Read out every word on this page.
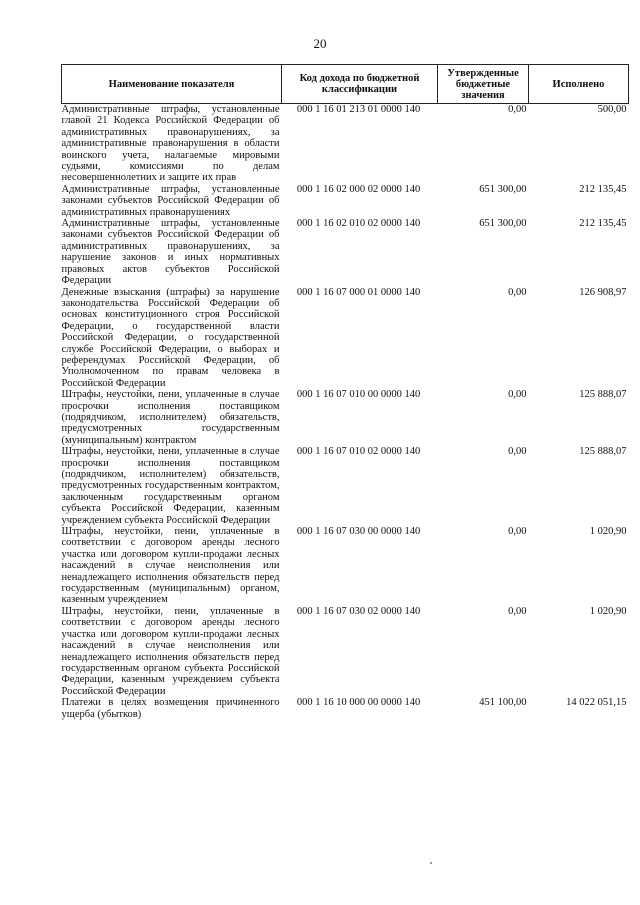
20
Наименование показателя	Код дохода по бюджетной классификации	Утвержденные бюджетные значения	Исполнено
Административные штрафы, установленные главой 21 Кодекса Российской Федерации об административных правонарушениях, за административные правонарушения в области воинского учета, налагаемые мировыми судьями, комиссиями по делам несовершеннолетних и защите их прав	000 1 16 01 213 01 0000 140	0,00	500,00
Административные штрафы, установленные законами субъектов Российской Федерации об административных правонарушениях	000 1 16 02 000 02 0000 140	651 300,00	212 135,45
Административные штрафы, установленные законами субъектов Российской Федерации об административных правонарушениях, за нарушение законов и иных нормативных правовых актов субъектов Российской Федерации	000 1 16 02 010 02 0000 140	651 300,00	212 135,45
Денежные взыскания (штрафы) за нарушение законодательства Российской Федерации об основах конституционного строя Российской Федерации, о государственной власти Российской Федерации, о государственной службе Российской Федерации, о выборах и референдумах Российской Федерации, об Уполномоченном по правам человека в Российской Федерации	000 1 16 07 000 01 0000 140	0,00	126 908,97
Штрафы, неустойки, пени, уплаченные в случае просрочки исполнения поставщиком (подрядчиком, исполнителем) обязательств, предусмотренных государственным (муниципальным) контрактом	000 1 16 07 010 00 0000 140	0,00	125 888,07
Штрафы, неустойки, пени, уплаченные в случае просрочки исполнения поставщиком (подрядчиком, исполнителем) обязательств, предусмотренных государственным контрактом, заключенным государственным органом субъекта Российской Федерации, казенным учреждением субъекта Российской Федерации	000 1 16 07 010 02 0000 140	0,00	125 888,07
Штрафы, неустойки, пени, уплаченные в соответствии с договором аренды лесного участка или договором купли-продажи лесных насаждений в случае неисполнения или ненадлежащего исполнения обязательств перед государственным (муниципальным) органом, казенным учреждением	000 1 16 07 030 00 0000 140	0,00	1 020,90
Штрафы, неустойки, пени, уплаченные в соответствии с договором аренды лесного участка или договором купли-продажи лесных насаждений в случае неисполнения или ненадлежащего исполнения обязательств перед государственным органом субъекта Российской Федерации, казенным учреждением субъекта Российской Федерации	000 1 16 07 030 02 0000 140	0,00	1 020,90
Платежи в целях возмещения причиненного ущерба (убытков)	000 1 16 10 000 00 0000 140	451 100,00	14 022 051,15
